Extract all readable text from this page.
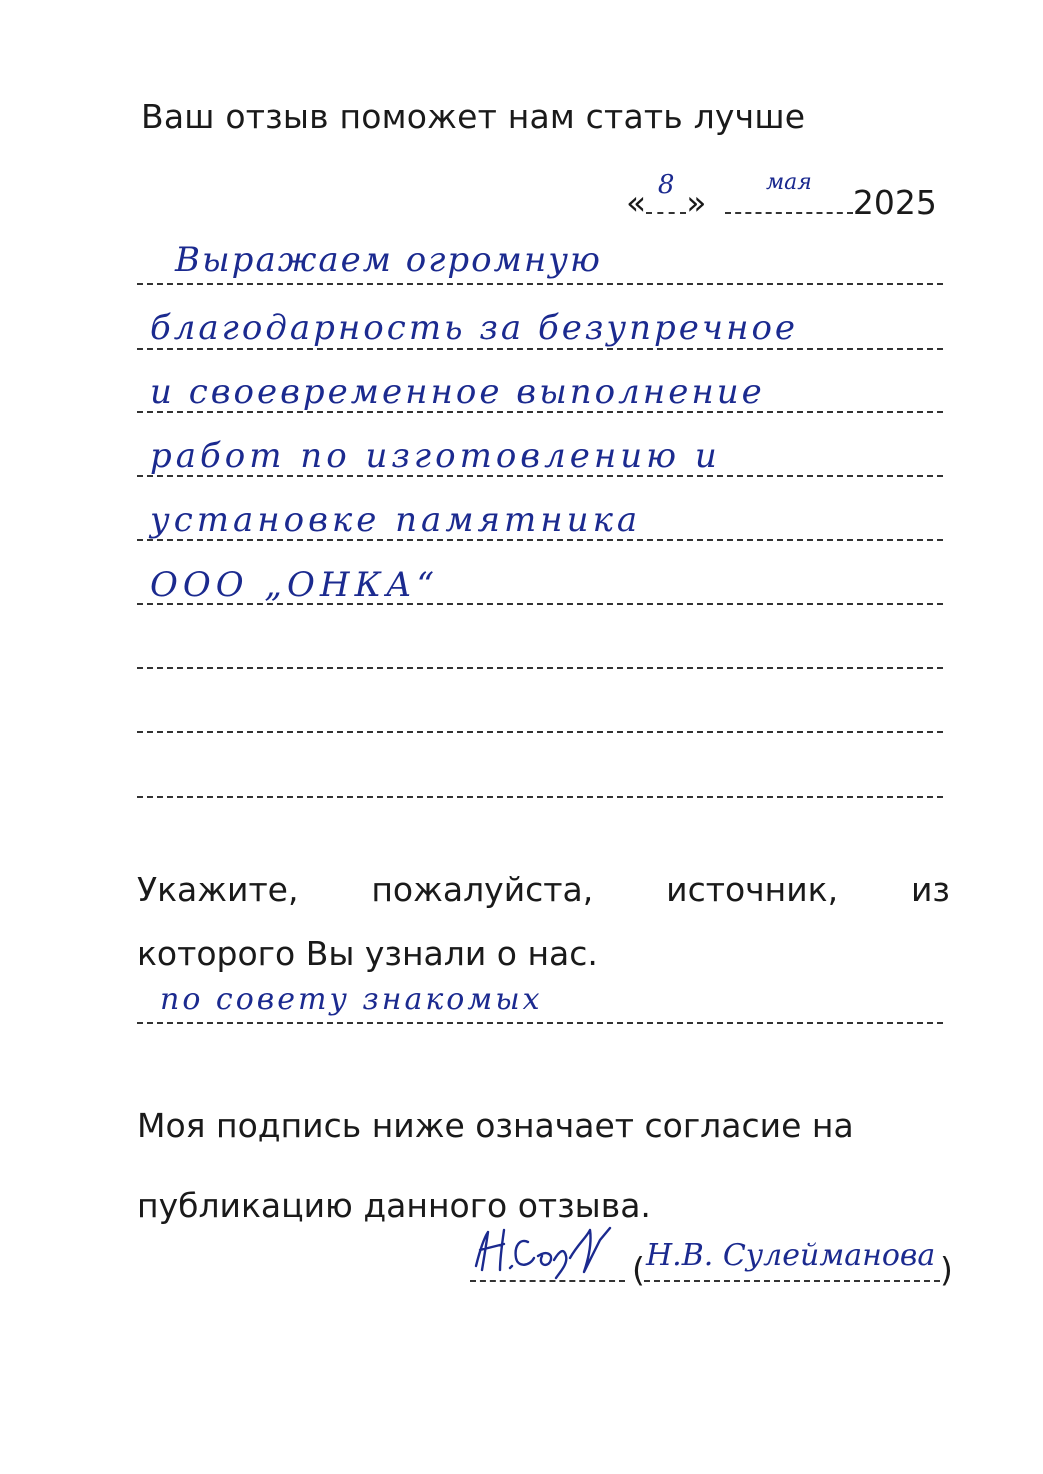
Ваш отзыв поможет нам стать лучше
« 8 »
мая
2025
Выражаем огромную
благодарность за безупречное
и своевременное выполнение
работ по изготовлению и
установке памятника
ООО „ОНКА“
Укажите, пожалуйста, источник, из
которого Вы узнали о нас.
по совету знакомых
Моя подпись ниже означает согласие на
публикацию данного отзыва.
( Н.В. Сулейманова )
